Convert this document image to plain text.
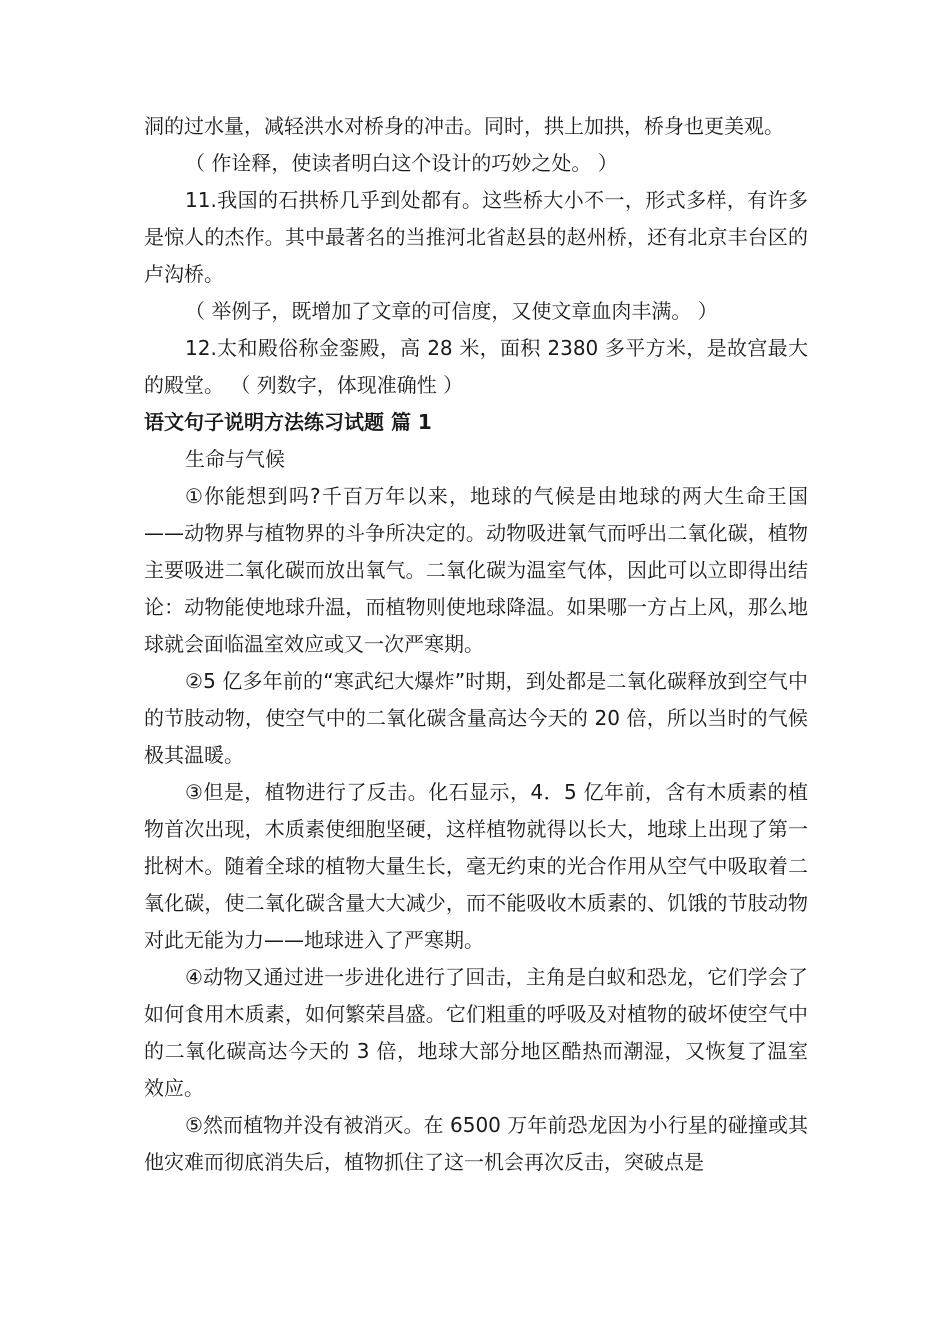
洞的过水量，减轻洪水对桥身的冲击。同时，拱上加拱，桥身也更美观。

（ 作诠释，使读者明白这个设计的巧妙之处。 ）

11.我国的石拱桥几乎到处都有。这些桥大小不一，形式多样，有许多是惊人的杰作。其中最著名的当推河北省赵县的赵州桥，还有北京丰台区的卢沟桥。

（ 举例子，既增加了文章的可信度，又使文章血肉丰满。 ）

12.太和殿俗称金銮殿，高 28 米，面积 2380 多平方米，是故宫最大的殿堂。 （ 列数字，体现准确性 ）

语文句子说明方法练习试题 篇 1

生命与气候

①你能想到吗?千百万年以来，地球的气候是由地球的两大生命王国——动物界与植物界的斗争所决定的。动物吸进氧气而呼出二氧化碳，植物主要吸进二氧化碳而放出氧气。二氧化碳为温室气体，因此可以立即得出结论：动物能使地球升温，而植物则使地球降温。如果哪一方占上风，那么地球就会面临温室效应或又一次严寒期。

②5 亿多年前的“寒武纪大爆炸”时期，到处都是二氧化碳释放到空气中的节肢动物，使空气中的二氧化碳含量高达今天的 20 倍，所以当时的气候极其温暖。

③但是，植物进行了反击。化石显示，4．5 亿年前，含有木质素的植物首次出现，木质素使细胞坚硬，这样植物就得以长大，地球上出现了第一批树木。随着全球的植物大量生长，毫无约束的光合作用从空气中吸取着二氧化碳，使二氧化碳含量大大减少，而不能吸收木质素的、饥饿的节肢动物对此无能为力——地球进入了严寒期。

④动物又通过进一步进化进行了回击，主角是白蚁和恐龙，它们学会了如何食用木质素，如何繁荣昌盛。它们粗重的呼吸及对植物的破坏使空气中的二氧化碳高达今天的 3 倍，地球大部分地区酷热而潮湿，又恢复了温室效应。

⑤然而植物并没有被消灭。在 6500 万年前恐龙因为小行星的碰撞或其他灾难而彻底消失后，植物抓住了这一机会再次反击，突破点是
